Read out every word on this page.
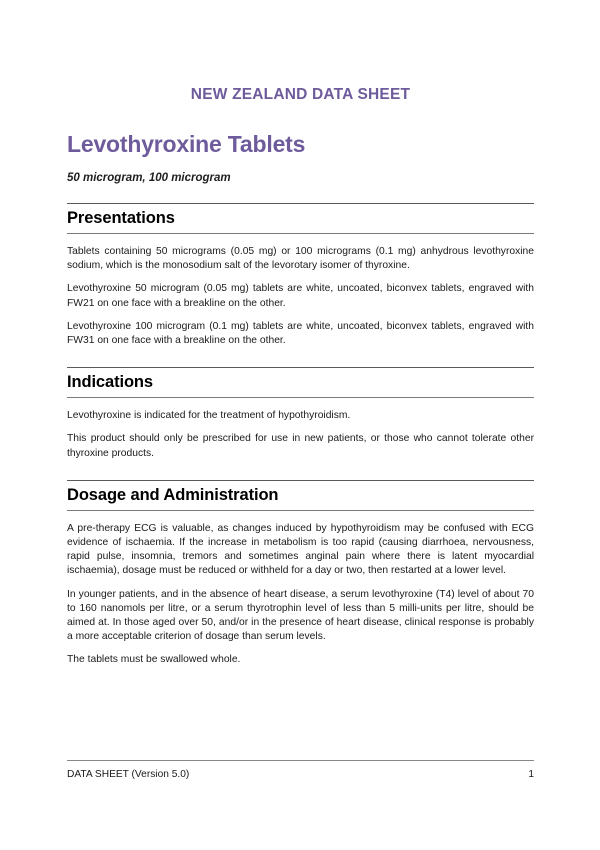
NEW ZEALAND DATA SHEET
Levothyroxine Tablets
50 microgram, 100 microgram
Presentations

Tablets containing 50 micrograms (0.05 mg) or 100 micrograms (0.1 mg) anhydrous levothyroxine sodium, which is the monosodium salt of the levorotary isomer of thyroxine.

Levothyroxine 50 microgram (0.05 mg) tablets are white, uncoated, biconvex tablets, engraved with FW21 on one face with a breakline on the other.

Levothyroxine 100 microgram (0.1 mg) tablets are white, uncoated, biconvex tablets, engraved with FW31 on one face with a breakline on the other.

Indications

Levothyroxine is indicated for the treatment of hypothyroidism.

This product should only be prescribed for use in new patients, or those who cannot tolerate other thyroxine products.

Dosage and Administration

A pre-therapy ECG is valuable, as changes induced by hypothyroidism may be confused with ECG evidence of ischaemia. If the increase in metabolism is too rapid (causing diarrhoea, nervousness, rapid pulse, insomnia, tremors and sometimes anginal pain where there is latent myocardial ischaemia), dosage must be reduced or withheld for a day or two, then restarted at a lower level.

In younger patients, and in the absence of heart disease, a serum levothyroxine (T4) level of about 70 to 160 nanomols per litre, or a serum thyrotrophin level of less than 5 milli-units per litre, should be aimed at. In those aged over 50, and/or in the presence of heart disease, clinical response is probably a more acceptable criterion of dosage than serum levels.

The tablets must be swallowed whole.

DATA SHEET (Version 5.0)	1
